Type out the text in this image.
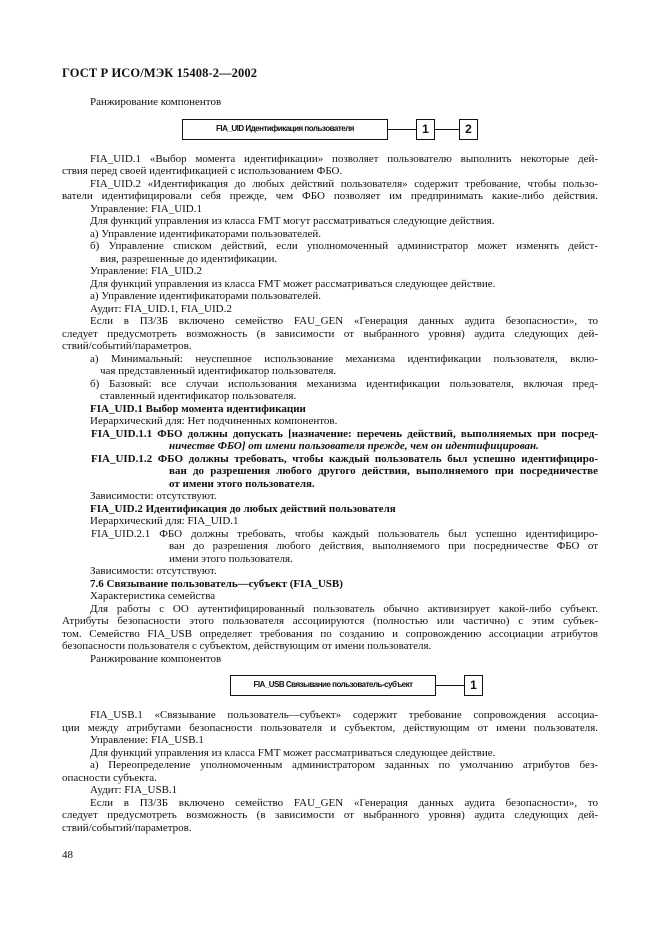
ГОСТ Р ИСО/МЭК 15408-2—2002
Ранжирование компонентов
FIA_UID Идентификация пользователя	1	2
FIA_UID.1 «Выбор момента идентификации» позволяет пользователю выполнить некоторые дей-
ствия перед своей идентификацией с использованием ФБО.
FIA_UID.2 «Идентификация до любых действий пользователя» содержит требование, чтобы пользо-
ватели идентифицировали себя прежде, чем ФБО позволяет им предпринимать какие-либо действия.
Управление: FIA_UID.1
Для функций управления из класса FMT могут рассматриваться следующие действия.
а) Управление идентификаторами пользователей.
б) Управление списком действий, если уполномоченный администратор может изменять дейст-
вия, разрешенные до идентификации.
Управление: FIA_UID.2
Для функций управления из класса FMT может рассматриваться следующее действие.
а) Управление идентификаторами пользователей.
Аудит: FIA_UID.1, FIA_UID.2
Если в ПЗ/ЗБ включено семейство FAU_GEN «Генерация данных аудита безопасности», то
следует предусмотреть возможность (в зависимости от выбранного уровня) аудита следующих дей-
ствий/событий/параметров.
а) Минимальный: неуспешное использование механизма идентификации пользователя, вклю-
чая представленный идентификатор пользователя.
б) Базовый: все случаи использования механизма идентификации пользователя, включая пред-
ставленный идентификатор пользователя.
FIA_UID.1 Выбор момента идентификации
Иерархический для: Нет подчиненных компонентов.
FIA_UID.1.1 ФБО должны допускать [назначение: перечень действий, выполняемых при посред-
ничестве ФБО] от имени пользователя прежде, чем он идентифицирован.
FIA_UID.1.2 ФБО должны требовать, чтобы каждый пользователь был успешно идентифициро-
ван до разрешения любого другого действия, выполняемого при посредничестве
от имени этого пользователя.
Зависимости: отсутствуют.
FIA_UID.2 Идентификация до любых действий пользователя
Иерархический для: FIA_UID.1
FIA_UID.2.1 ФБО должны требовать, чтобы каждый пользователь был успешно идентифициро-
ван до разрешения любого действия, выполняемого при посредничестве ФБО от
имени этого пользователя.
Зависимости: отсутствуют.
7.6 Связывание пользователь—субъект (FIA_USB)
Характеристика семейства
Для работы с ОО аутентифицированный пользователь обычно активизирует какой-либо субъект.
Атрибуты безопасности этого пользователя ассоциируются (полностью или частично) с этим субъек-
том. Семейство FIA_USB определяет требования по созданию и сопровождению ассоциации атрибутов
безопасности пользователя с субъектом, действующим от имени пользователя.
Ранжирование компонентов
FIA_USB Связывание пользователь-субъект	1
FIA_USB.1 «Связывание пользователь—субъект» содержит требование сопровождения ассоциа-
ции между атрибутами безопасности пользователя и субъектом, действующим от имени пользователя.
Управление: FIA_USB.1
Для функций управления из класса FMT может рассматриваться следующее действие.
а) Переопределение уполномоченным администратором заданных по умолчанию атрибутов без-
опасности субъекта.
Аудит: FIA_USB.1
Если в ПЗ/ЗБ включено семейство FAU_GEN «Генерация данных аудита безопасности», то
следует предусмотреть возможность (в зависимости от выбранного уровня) аудита следующих дей-
ствий/событий/параметров.
48
